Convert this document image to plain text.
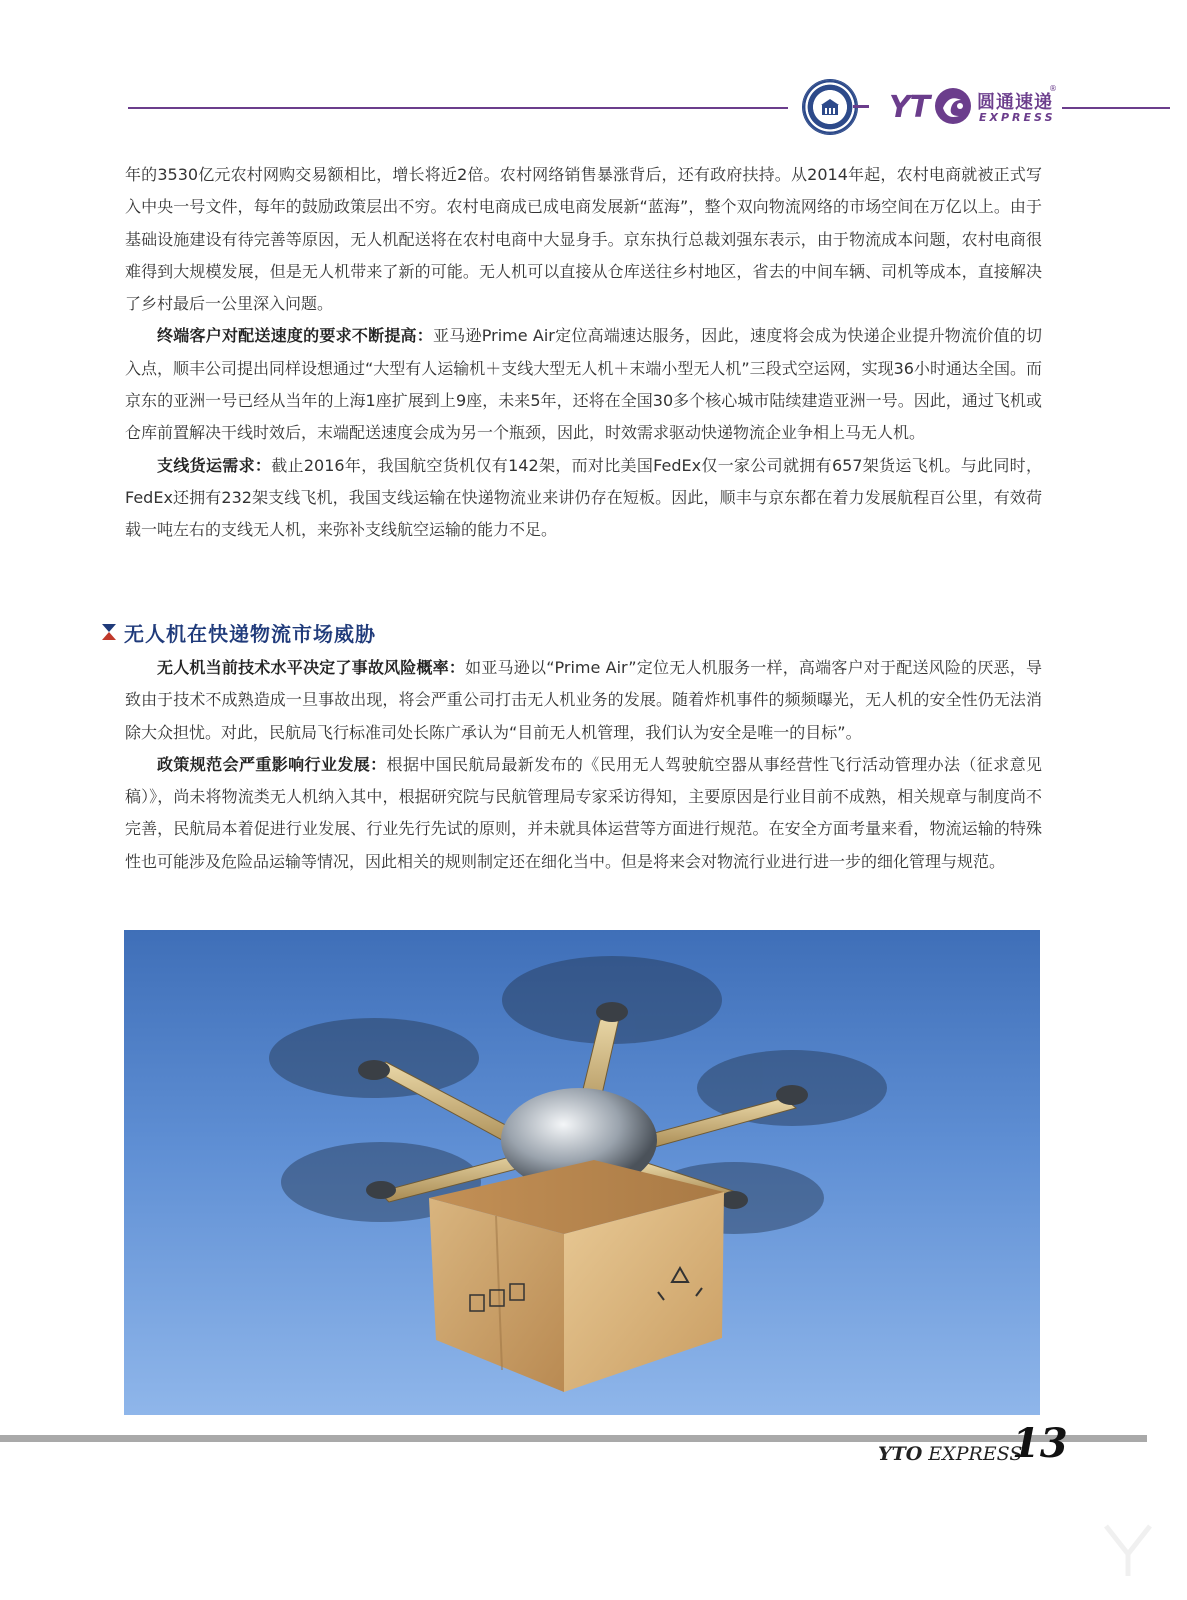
YT	圆通速递
EXPRESS
®

年的3530亿元农村网购交易额相比，增长将近2倍。农村网络销售暴涨背后，还有政府扶持。从2014年起，农村电商就被正式写入中央一号文件，每年的鼓励政策层出不穷。农村电商成已成电商发展新“蓝海”，整个双向物流网络的市场空间在万亿以上。由于基础设施建设有待完善等原因，无人机配送将在农村电商中大显身手。京东执行总裁刘强东表示，由于物流成本问题，农村电商很难得到大规模发展，但是无人机带来了新的可能。无人机可以直接从仓库送往乡村地区，省去的中间车辆、司机等成本，直接解决了乡村最后一公里深入问题。

终端客户对配送速度的要求不断提高：亚马逊Prime Air定位高端速达服务，因此，速度将会成为快递企业提升物流价值的切入点，顺丰公司提出同样设想通过“大型有人运输机＋支线大型无人机＋末端小型无人机”三段式空运网，实现36小时通达全国。而京东的亚洲一号已经从当年的上海1座扩展到上9座，未来5年，还将在全国30多个核心城市陆续建造亚洲一号。因此，通过飞机或仓库前置解决干线时效后，末端配送速度会成为另一个瓶颈，因此，时效需求驱动快递物流企业争相上马无人机。

支线货运需求：截止2016年，我国航空货机仅有142架，而对比美国FedEx仅一家公司就拥有657架货运飞机。与此同时，FedEx还拥有232架支线飞机，我国支线运输在快递物流业来讲仍存在短板。因此，顺丰与京东都在着力发展航程百公里，有效荷载一吨左右的支线无人机，来弥补支线航空运输的能力不足。

无人机在快递物流市场威胁

无人机当前技术水平决定了事故风险概率：如亚马逊以“Prime Air”定位无人机服务一样，高端客户对于配送风险的厌恶，导致由于技术不成熟造成一旦事故出现，将会严重公司打击无人机业务的发展。随着炸机事件的频频曝光，无人机的安全性仍无法消除大众担忧。对此，民航局飞行标准司处长陈广承认为“目前无人机管理，我们认为安全是唯一的目标”。

政策规范会严重影响行业发展：根据中国民航局最新发布的《民用无人驾驶航空器从事经营性飞行活动管理办法（征求意见稿）》，尚未将物流类无人机纳入其中，根据研究院与民航管理局专家采访得知，主要原因是行业目前不成熟，相关规章与制度尚不完善，民航局本着促进行业发展、行业先行先试的原则，并未就具体运营等方面进行规范。在安全方面考量来看，物流运输的特殊性也可能涉及危险品运输等情况，因此相关的规则制定还在细化当中。但是将来会对物流行业进行进一步的细化管理与规范。

YTO EXPRESS
13
